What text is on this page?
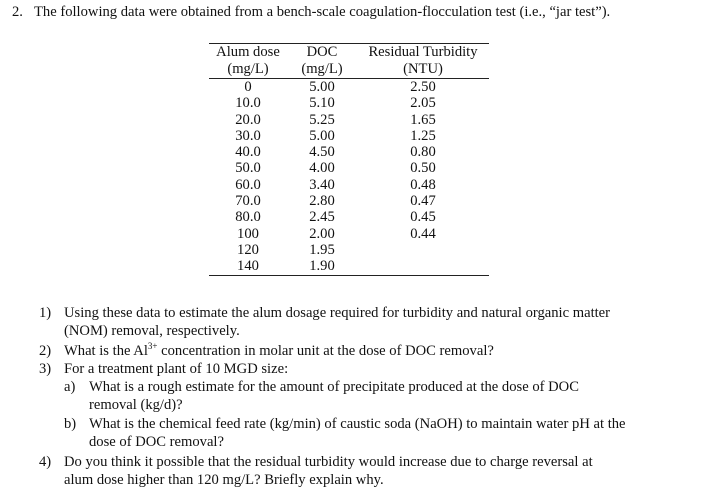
2. The following data were obtained from a bench-scale coagulation-flocculation test (i.e., “jar test”).
Alum dose	DOC	Residual Turbidity
(mg/L)	(mg/L)	(NTU)
0	5.00	2.50
10.0	5.10	2.05
20.0	5.25	1.65
30.0	5.00	1.25
40.0	4.50	0.80
50.0	4.00	0.50
60.0	3.40	0.48
70.0	2.80	0.47
80.0	2.45	0.45
100	2.00	0.44
120	1.95	
140	1.90	
1) Using these data to estimate the alum dosage required for turbidity and natural organic matter
(NOM) removal, respectively.
2) What is the $Al^{3+}$ concentration in molar unit at the dose of DOC removal?
3) For a treatment plant of 10 MGD size:
a) What is a rough estimate for the amount of precipitate produced at the dose of DOC
removal (kg/d)?
b) What is the chemical feed rate (kg/min) of caustic soda (NaOH) to maintain water pH at the
dose of DOC removal?
4) Do you think it possible that the residual turbidity would increase due to charge reversal at
alum dose higher than 120 mg/L? Briefly explain why.
